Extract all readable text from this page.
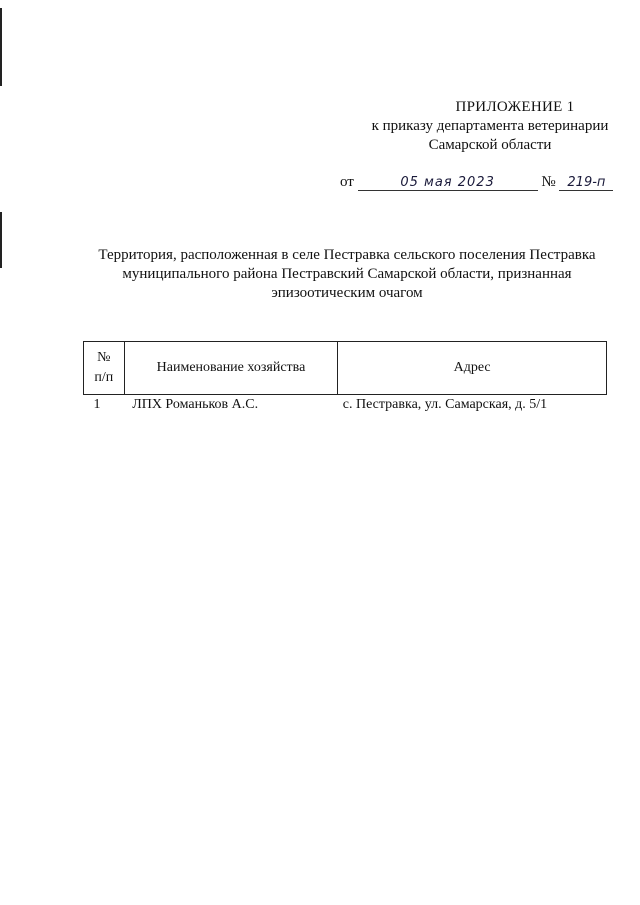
ПРИЛОЖЕНИЕ 1
к приказу департамента ветеринарии
Самарской области
от	05 мая 2023	№ 219-п
Территория, расположенная в селе Пестравка сельского поселения Пестравка
муниципального района Пестравский Самарской области, признанная
эпизоотическим очагом
№
п/п	Наименование хозяйства	Адрес
1	ЛПХ Романьков А.С.	с. Пестравка, ул. Самарская, д. 5/1
